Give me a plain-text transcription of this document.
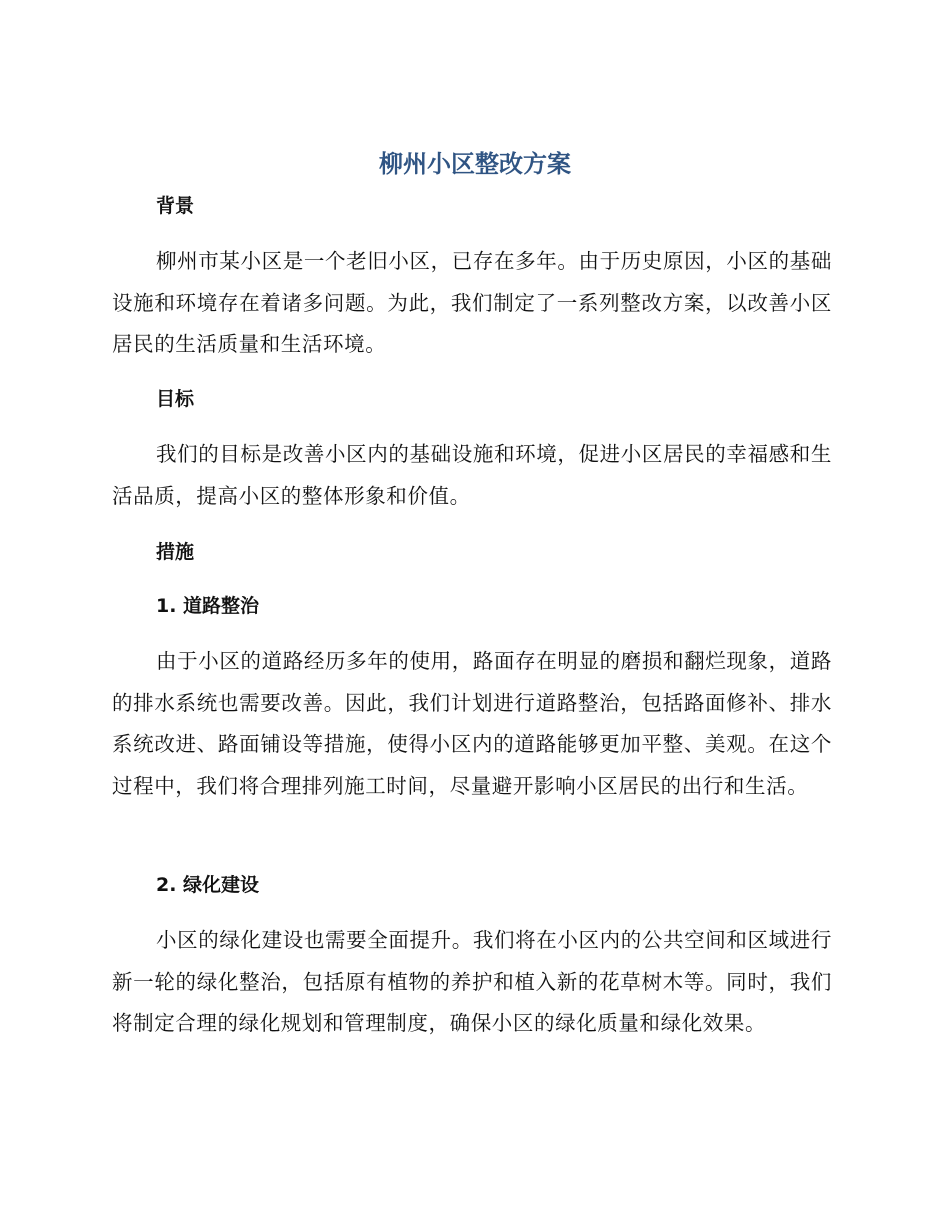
柳州小区整改方案
背景

柳州市某小区是一个老旧小区，已存在多年。由于历史原因，小区的基础设施和环境存在着诸多问题。为此，我们制定了一系列整改方案，以改善小区居民的生活质量和生活环境。

目标

我们的目标是改善小区内的基础设施和环境，促进小区居民的幸福感和生活品质，提高小区的整体形象和价值。

措施
1. 道路整治

由于小区的道路经历多年的使用，路面存在明显的磨损和翻烂现象，道路的排水系统也需要改善。因此，我们计划进行道路整治，包括路面修补、排水系统改进、路面铺设等措施，使得小区内的道路能够更加平整、美观。在这个过程中，我们将合理排列施工时间，尽量避开影响小区居民的出行和生活。

2. 绿化建设

小区的绿化建设也需要全面提升。我们将在小区内的公共空间和区域进行新一轮的绿化整治，包括原有植物的养护和植入新的花草树木等。同时，我们将制定合理的绿化规划和管理制度，确保小区的绿化质量和绿化效果。
